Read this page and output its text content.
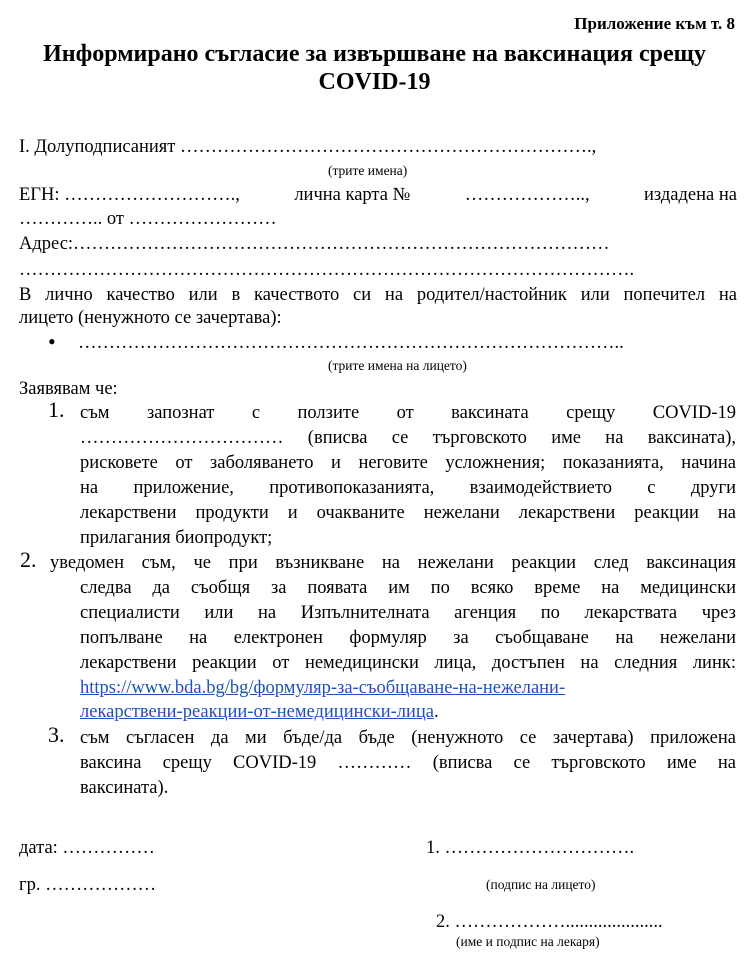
Приложение към т. 8
Информирано съгласие за извършване на ваксинация срещу
COVID-19
I. Долуподписаният ………………………………………………………….,
(трите имена)
ЕГН: ……………………….,	лична карта №	………………..,	издадена на
………….. от ……………………
Адрес:……………………………………………………………………………
……………………………………………………………………………………….
В лично качество или в качеството си на родител/настойник или попечител на
лицето (ненужното се зачертава):
• ……………………………………………………………………………..
(трите имена на лицето)
Заявявам че:
1. съм запознат с ползите от ваксината срещу COVID-19
…………………………… (вписва се търговското име на ваксината),
рисковете от заболяването и неговите усложнения; показанията, начина
на приложение, противопоказанията, взаимодействието с други
лекарствени продукти и очакваните нежелани лекарствени реакции на
прилагания биопродукт;
2. уведомен съм, че при възникване на нежелани реакции след ваксинация
следва да съобщя за появата им по всяко време на медицински
специалисти или на Изпълнителната агенция по лекарствата чрез
попълване на електронен формуляр за съобщаване на нежелани
лекарствени реакции от немедицински лица, достъпен на следния линк:
https://www.bda.bg/bg/формуляр-за-съобщаване-на-нежелани-
лекарствени-реакции-от-немедицински-лица.
3. съм съгласен да ми бъде/да бъде (ненужното се зачертава) приложена
ваксина срещу COVID-19 ………… (вписва се търговското име на
ваксината).
дата: ……………	1. ………………………….
гр. ………………	(подпис на лицето)
2. ……………….....................
(име и подпис на лекаря)
